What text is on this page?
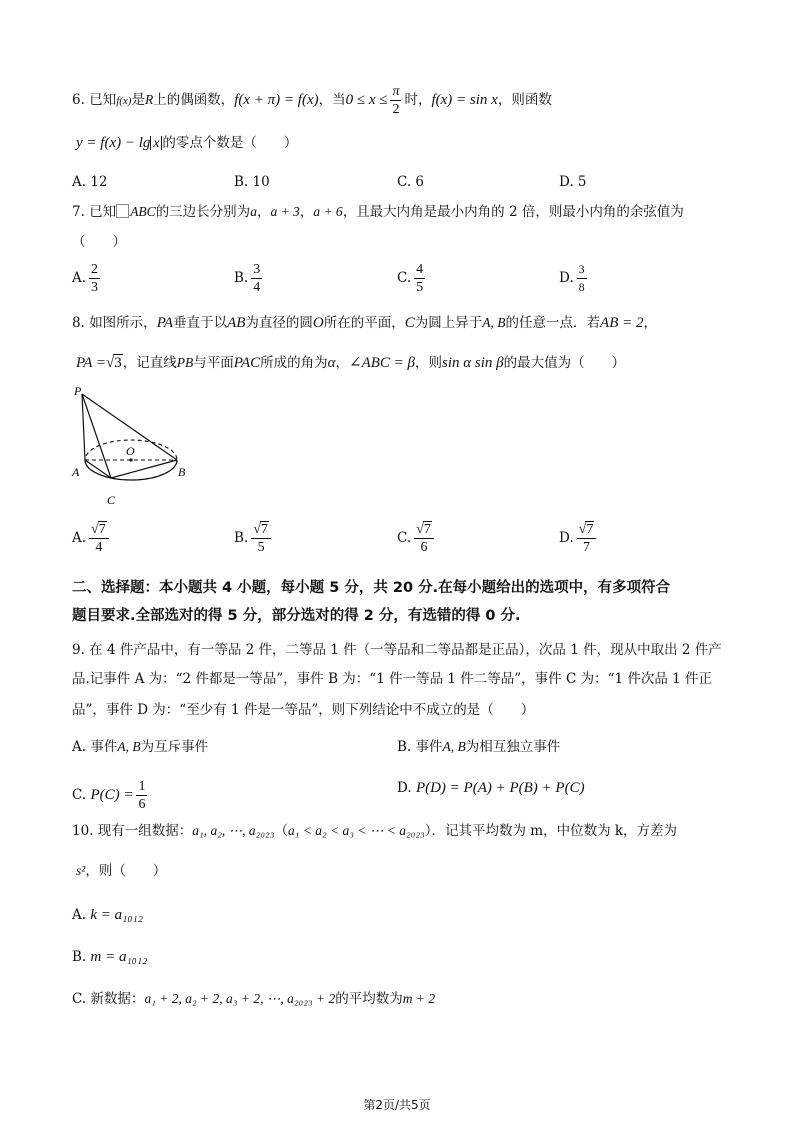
6. 已知f(x)是R上的偶函数，f(x + π) = f(x)，当$0 \le x \le \frac{\pi}{2}$ 时，f(x) = sin x，则函数
y = f(x) − lg x 的零点个数是（　　）
A. 12	B. 10	C. 6	D. 5
7. 已知 ABC的三边长分别为a，a + 3，a + 6，且最大内角是最小内角的 2 倍，则最小内角的余弦值为
（　　）
A. $\frac{2}{3}$	B. $\frac{3}{4}$	C. $\frac{4}{5}$	D. $\frac{3}{8}$
8. 如图所示，PA垂直于以AB为直径的圆O所在的平面，C为圆上异于A, B的任意一点．若AB = 2，
PA =√3，记直线PB与平面PAC所成的角为α，∠ABC = β，则sin α sin β的最大值为（　　）
P
A
O
B
C
A. $\frac{√7}{4}$	B. $\frac{√7}{5}$	C. $\frac{√7}{6}$	D. $\frac{√7}{7}$
二、选择题：本小题共 4 小题，每小题 5 分，共 20 分.在每小题给出的选项中，有多项符合
题目要求.全部选对的得 5 分，部分选对的得 2 分，有选错的得 0 分.
9. 在 4 件产品中，有一等品 2 件，二等品 1 件（一等品和二等品都是正品），次品 1 件，现从中取出 2 件产
品.记事件 A 为：“2 件都是一等品”，事件 B 为：“1 件一等品 1 件二等品”，事件 C 为：“1 件次品 1 件正
品”，事件 D 为：“至少有 1 件是一等品”，则下列结论中不成立的是（　　）
A. 事件A, B为互斥事件	B. 事件A, B为相互独立事件
C. $P(C) = \frac{1}{6}$	D. P(D) = P(A) + P(B) + P(C)
10. 现有一组数据：a₁, a₂, ⋯, a₂₀₂₃（a₁ < a₂ < a₃ < ⋯ < a₂₀₂₃）．记其平均数为 m，中位数为 k，方差为
s²，则（　　）
A. k = a₁₀₁₂
B. m = a₁₀₁₂
C. 新数据：a₁ + 2, a₂ + 2, a₃ + 2, ⋯, a₂₀₂₃ + 2的平均数为m + 2
第2页/共5页
